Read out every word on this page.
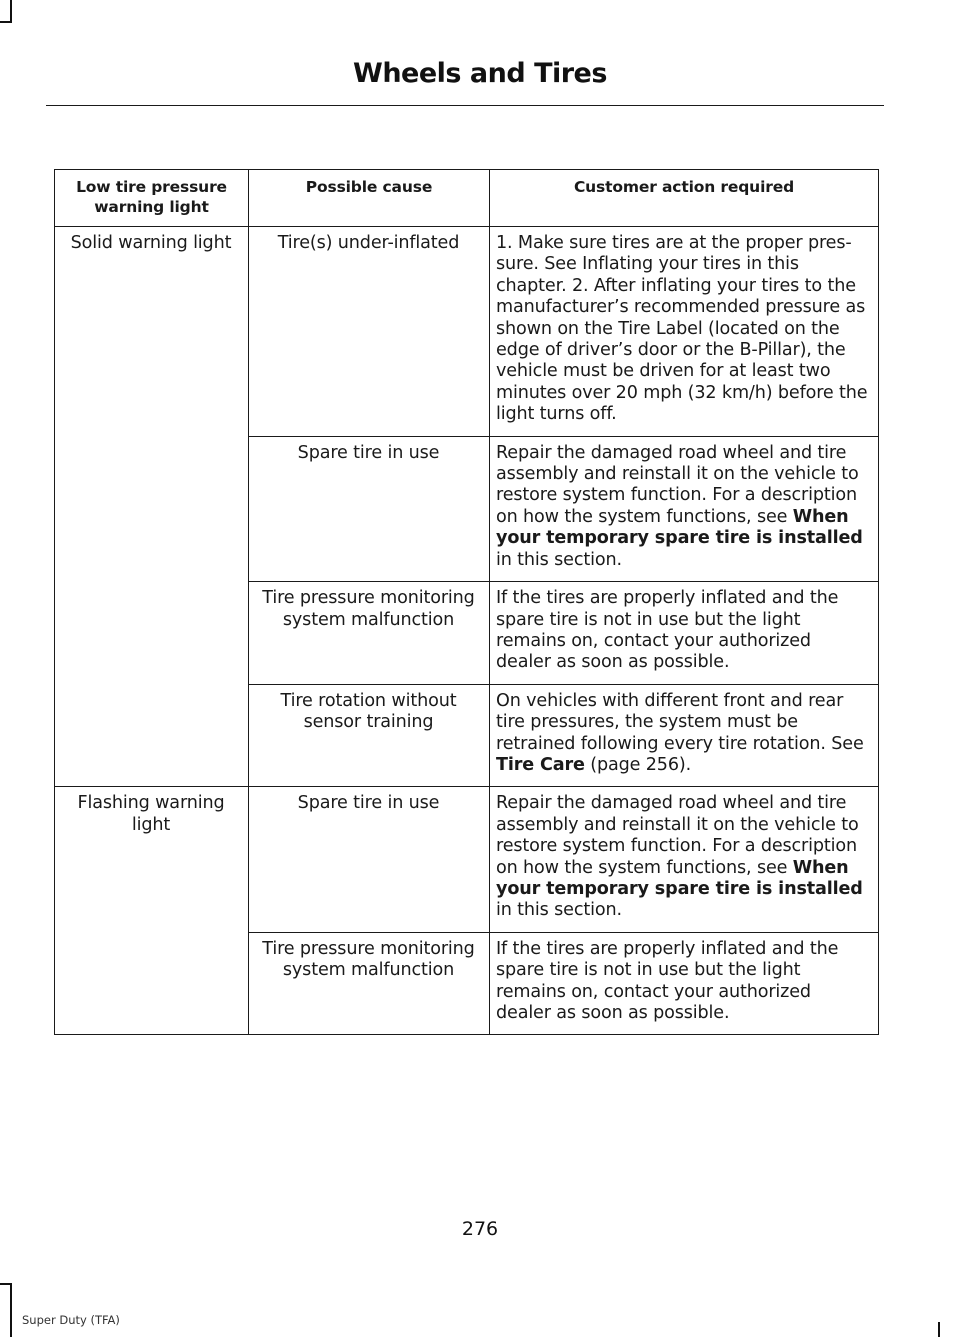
Wheels and Tires
Low tire pressure warning light	Possible cause	Customer action required
Solid warning light	Tire(s) under-inflated	1. Make sure tires are at the proper pres-sure. See Inflating your tires in this chapter. 2. After inflating your tires to the manufacturer’s recommended pressure as shown on the Tire Label (located on the edge of driver’s door or the B-Pillar), the vehicle must be driven for at least two minutes over 20 mph (32 km/h) before the light turns off.
	Spare tire in use	Repair the damaged road wheel and tire assembly and reinstall it on the vehicle to restore system function. For a description on how the system functions, see When your temporary spare tire is installed in this section.
	Tire pressure monitoring system malfunction	If the tires are properly inflated and the spare tire is not in use but the light remains on, contact your authorized dealer as soon as possible.
	Tire rotation without sensor training	On vehicles with different front and rear tire pressures, the system must be retrained following every tire rotation. See Tire Care (page 256).
Flashing warning light	Spare tire in use	Repair the damaged road wheel and tire assembly and reinstall it on the vehicle to restore system function. For a description on how the system functions, see When your temporary spare tire is installed in this section.
	Tire pressure monitoring system malfunction	If the tires are properly inflated and the spare tire is not in use but the light remains on, contact your authorized dealer as soon as possible.
276
Super Duty (TFA)
